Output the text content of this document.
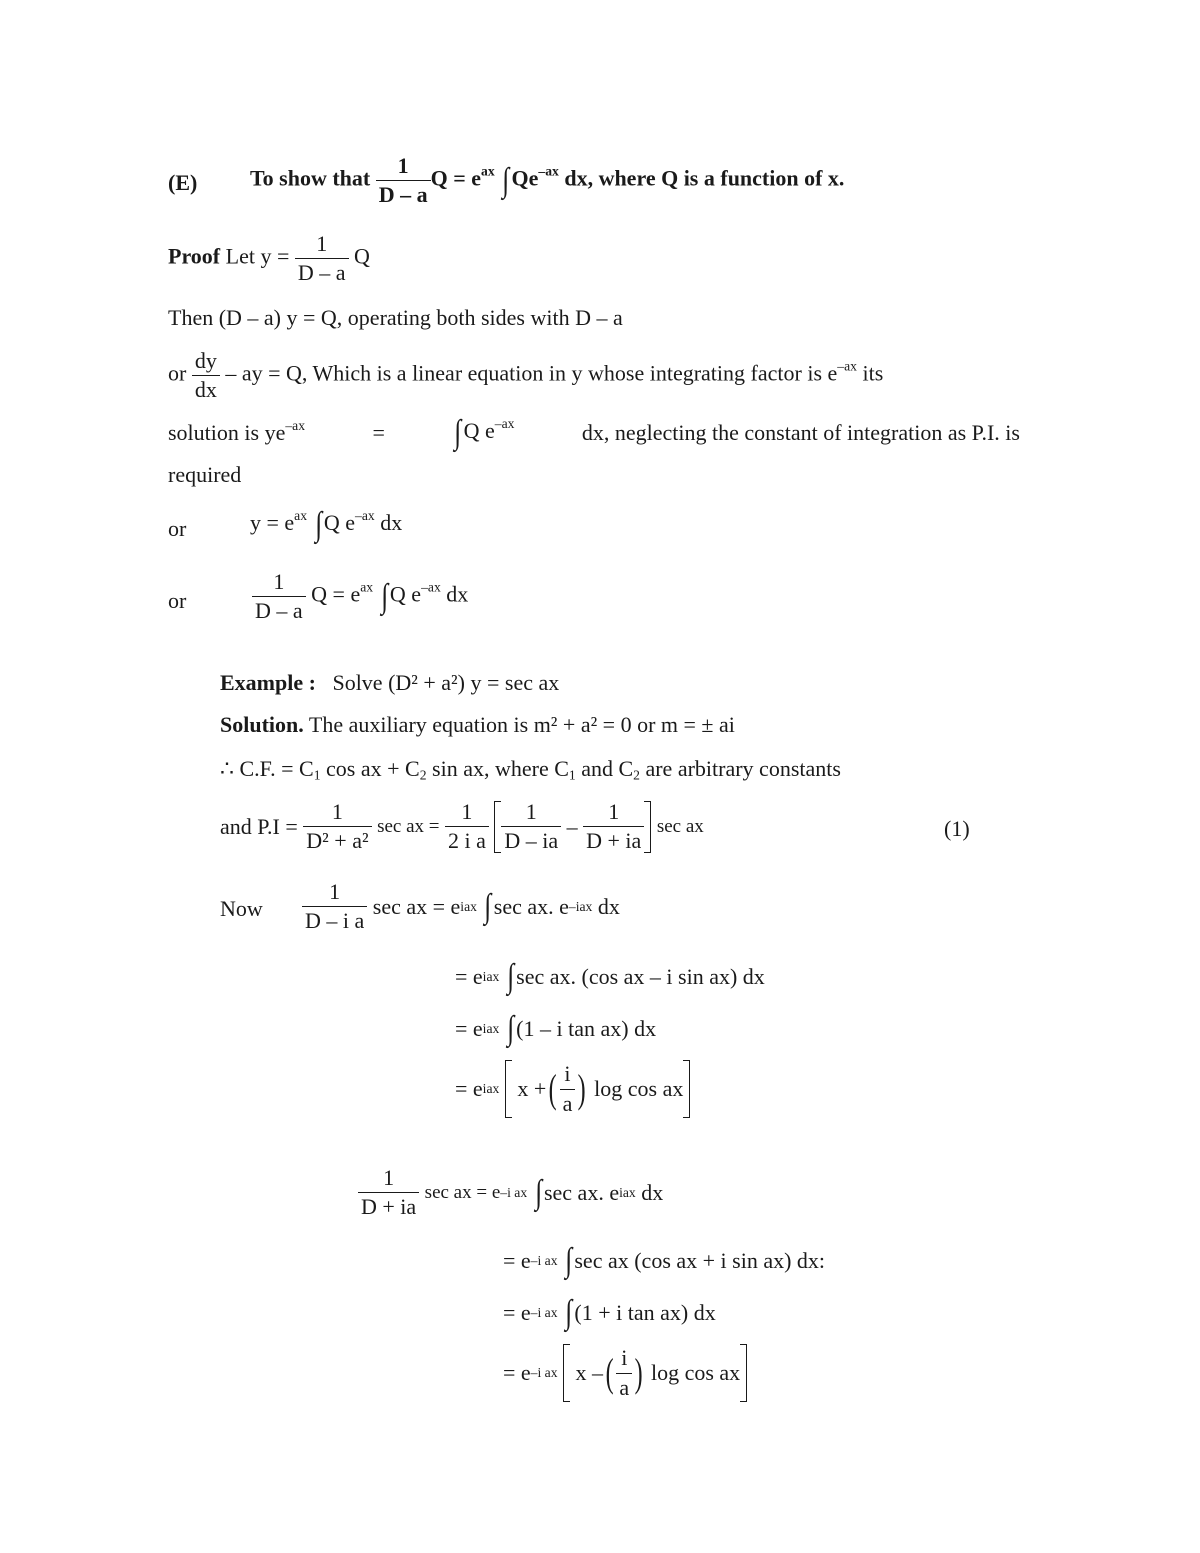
(E) To show that $\frac{1}{D - a}$ $Q = e^{ax}$ $\int Qe^{-ax}$ dx, where Q is a function of x.
Proof Let $y = \frac{1}{D - a}$ Q
Then (D – a) y = Q, operating both sides with D – a
or $\frac{dy}{dx}$ – ay = Q, Which is a linear equation in y whose integrating factor is $e^{-ax}$ its
solution is $ye^{-ax}$	= ∫Q $e^{-ax}$	dx, neglecting the constant of integration as P.I. is
required
or	$y = e^{ax}$ ∫Q $e^{-ax}$ dx
or	$\frac{1}{D - a}$ $Q = e^{ax}$ ∫Q $e^{-ax}$ dx
Example : Solve (D² + a²) y = sec ax
Solution. The auxiliary equation is m² + a² = 0 or m = ± ai
∴ C.F. = $C_1$ cos ax + $C_2$ sin ax, where $C_1$ and $C_2$ are arbitrary constants
and P.I =
$\frac{1}{\text{D² + a²}}$
sec ax =
$\frac{1}{\text{2 i a}}$
$\frac{1}{D - ia}$
–
$\frac{1}{D + ia}$
sec ax	(1)
Now $\frac{1}{\text{D – i a}}$
sec ax = e iax
∫ sec ax. e –iax
dx
= e iax
∫ sec ax. (cos ax – i sin ax) dx
= e iax
∫ (1 – i tan ax) dx
= e iax

x + ( $\frac{i}{a}$ )
log cos ax
$\frac{1}{D + ia}$
sec ax = e –i ax
∫ sec ax. e iax
dx
= e –i ax
∫ sec ax (cos ax + i sin ax) dx:
= e –i ax
∫ (1 + i tan ax) dx
= e –i ax

x – ( $\frac{i}{a}$ )
log cos ax
